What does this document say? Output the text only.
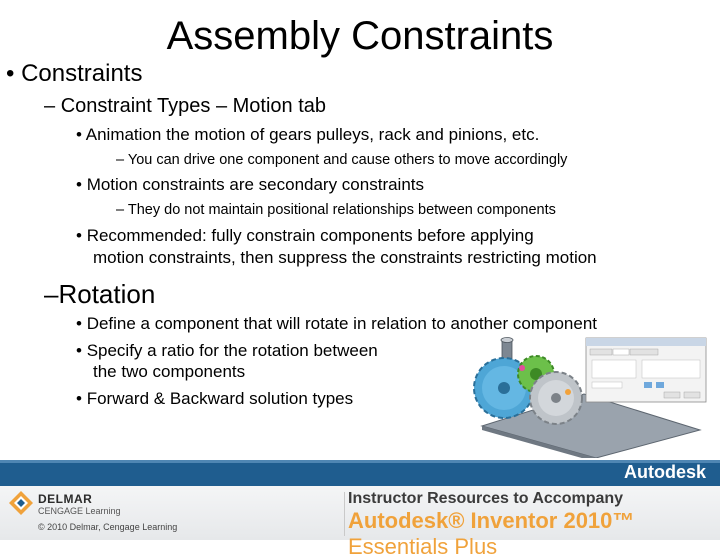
Assembly Constraints
• Constraints
– Constraint Types – Motion tab
• Animation the motion of gears pulleys, rack and pinions, etc.
– You can drive one component and cause others to move accordingly
• Motion constraints are secondary constraints
– They do not maintain positional relationships between components
• Recommended: fully constrain components before applying
motion constraints, then suppress the constraints restricting motion
–Rotation
• Define a component that will rotate in relation to another component
• Specify a ratio for the rotation between
the two components
• Forward & Backward solution types
Autodesk
DELMAR
CENGAGE Learning
© 2010 Delmar, Cengage Learning
Instructor Resources to Accompany
Autodesk® Inventor 2010™ Essentials Plus
